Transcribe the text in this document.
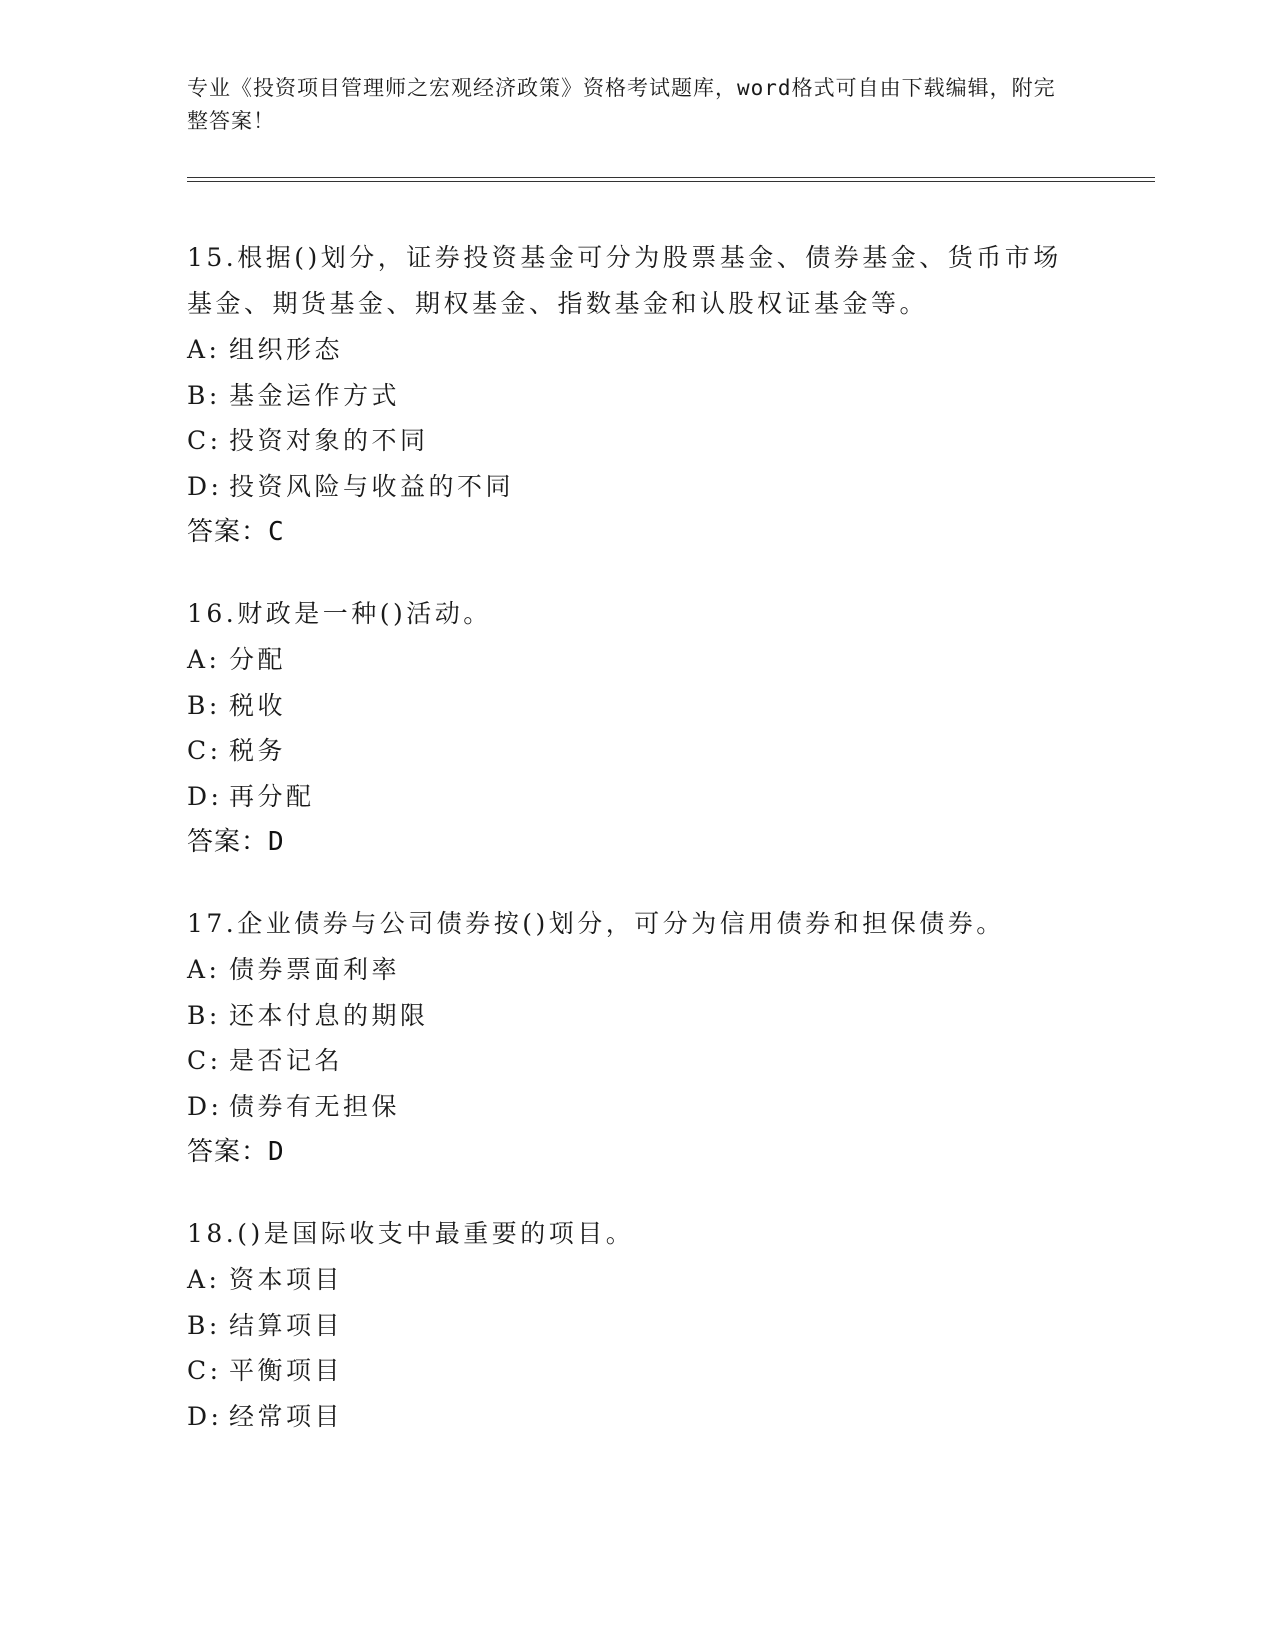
专业《投资项目管理师之宏观经济政策》资格考试题库，word格式可自由下载编辑，附完整答案！

15.根据()划分，证券投资基金可分为股票基金、债券基金、货币市场基金、期货基金、期权基金、指数基金和认股权证基金等。

A: 组织形态

B: 基金运作方式

C: 投资对象的不同

D: 投资风险与收益的不同

答案：C

16.财政是一种()活动。

A: 分配

B: 税收

C: 税务

D: 再分配

答案：D

17.企业债券与公司债券按()划分，可分为信用债券和担保债券。

A: 债券票面利率

B: 还本付息的期限

C: 是否记名

D: 债券有无担保

答案：D

18.()是国际收支中最重要的项目。

A: 资本项目

B: 结算项目

C: 平衡项目

D: 经常项目
